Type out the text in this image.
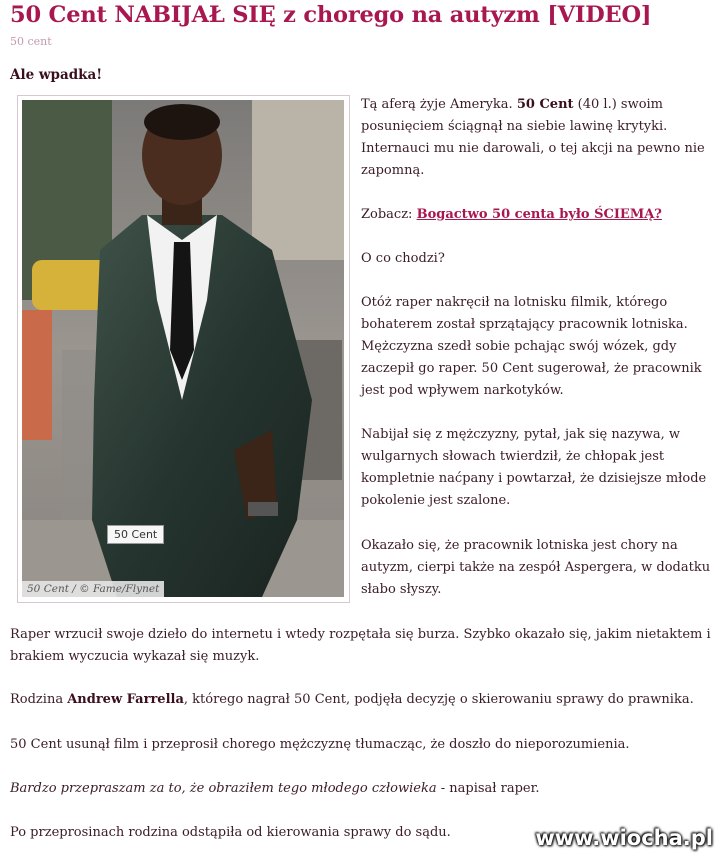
50 Cent NABIJAŁ SIĘ z chorego na autyzm [VIDEO]
50 cent
Ale wpadka!
50 Cent
50 Cent / © Fame/Flynet

Tą aferą żyje Ameryka. 50 Cent (40 l.) swoim posunięciem ściągnął na siebie lawinę krytyki. Internauci mu nie darowali, o tej akcji na pewno nie zapomną.

Zobacz: Bogactwo 50 centa było ŚCIEMĄ?

O co chodzi?

Otóż raper nakręcił na lotnisku filmik, którego bohaterem został sprzątający pracownik lotniska. Mężczyzna szedł sobie pchając swój wózek, gdy zaczepił go raper. 50 Cent sugerował, że pracownik jest pod wpływem narkotyków.

Nabijał się z mężczyzny, pytał, jak się nazywa, w wulgarnych słowach twierdził, że chłopak jest kompletnie naćpany i powtarzał, że dzisiejsze młode pokolenie jest szalone.

Okazało się, że pracownik lotniska jest chory na autyzm, cierpi także na zespół Aspergera, w dodatku słabo słyszy.

Raper wrzucił swoje dzieło do internetu i wtedy rozpętała się burza. Szybko okazało się, jakim nietaktem i brakiem wyczucia wykazał się muzyk.

Rodzina Andrew Farrella, którego nagrał 50 Cent, podjęła decyzję o skierowaniu sprawy do prawnika.

50 Cent usunął film i przeprosił chorego mężczyznę tłumacząc, że doszło do nieporozumienia.

Bardzo przepraszam za to, że obraziłem tego młodego człowieka - napisał raper.

Po przeprosinach rodzina odstąpiła od kierowania sprawy do sądu.	www.wiocha.pl
